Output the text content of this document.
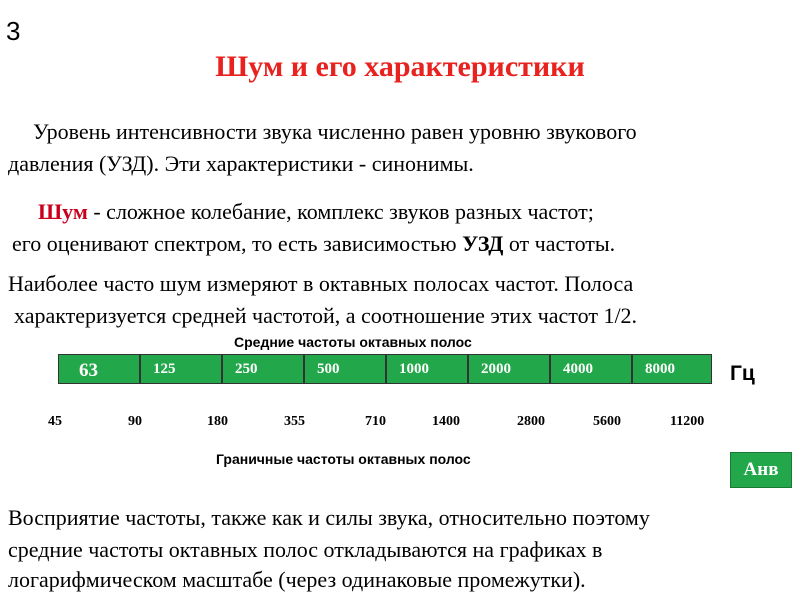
3
Шум и его характеристики
Уровень интенсивности звука численно равен уровню звукового
давления (УЗД). Эти характеристики - синонимы.
Шум - сложное колебание, комплекс звуков разных частот;
его оценивают спектром, то есть зависимостью УЗД от частоты.
Наиболее часто шум измеряют в октавных полосах частот. Полоса
характеризуется средней частотой, а соотношение этих частот 1/2.
Средние частоты октавных полос
63	125	250	500	1000	2000	4000	8000	Гц
45	90	180	355	710	1400	2800	5600	11200
Граничные частоты октавных полос	Анв
Восприятие частоты, также как и силы звука, относительно поэтому
средние частоты октавных полос откладываются на графиках в
логарифмическом масштабе (через одинаковые промежутки).
